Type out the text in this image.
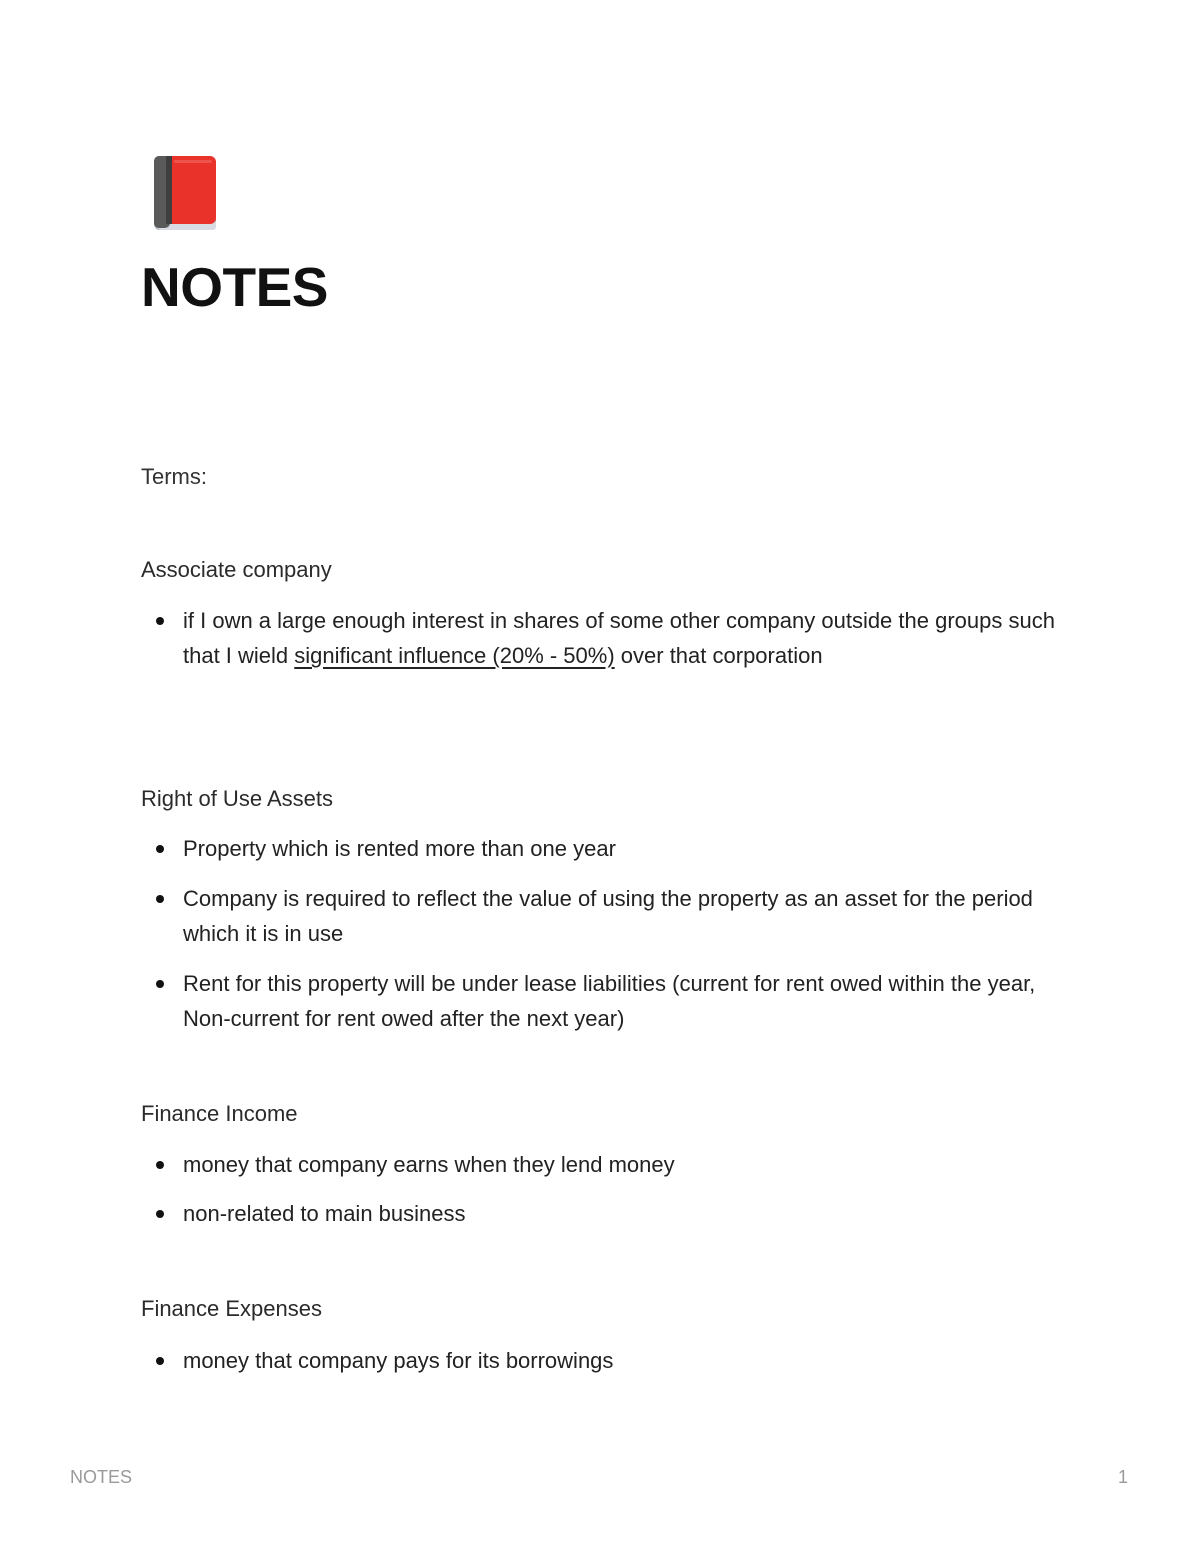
NOTES
Terms:

Associate company

if I own a large enough interest in shares of some other company outside the groups such that I wield significant influence (20% - 50%) over that corporation

Right of Use Assets

Property which is rented more than one year
Company is required to reflect the value of using the property as an asset for the period which it is in use
Rent for this property will be under lease liabilities (current for rent owed within the year, Non-current for rent owed after the next year)

Finance Income

money that company earns when they lend money
non-related to main business

Finance Expenses

money that company pays for its borrowings
NOTES	1
